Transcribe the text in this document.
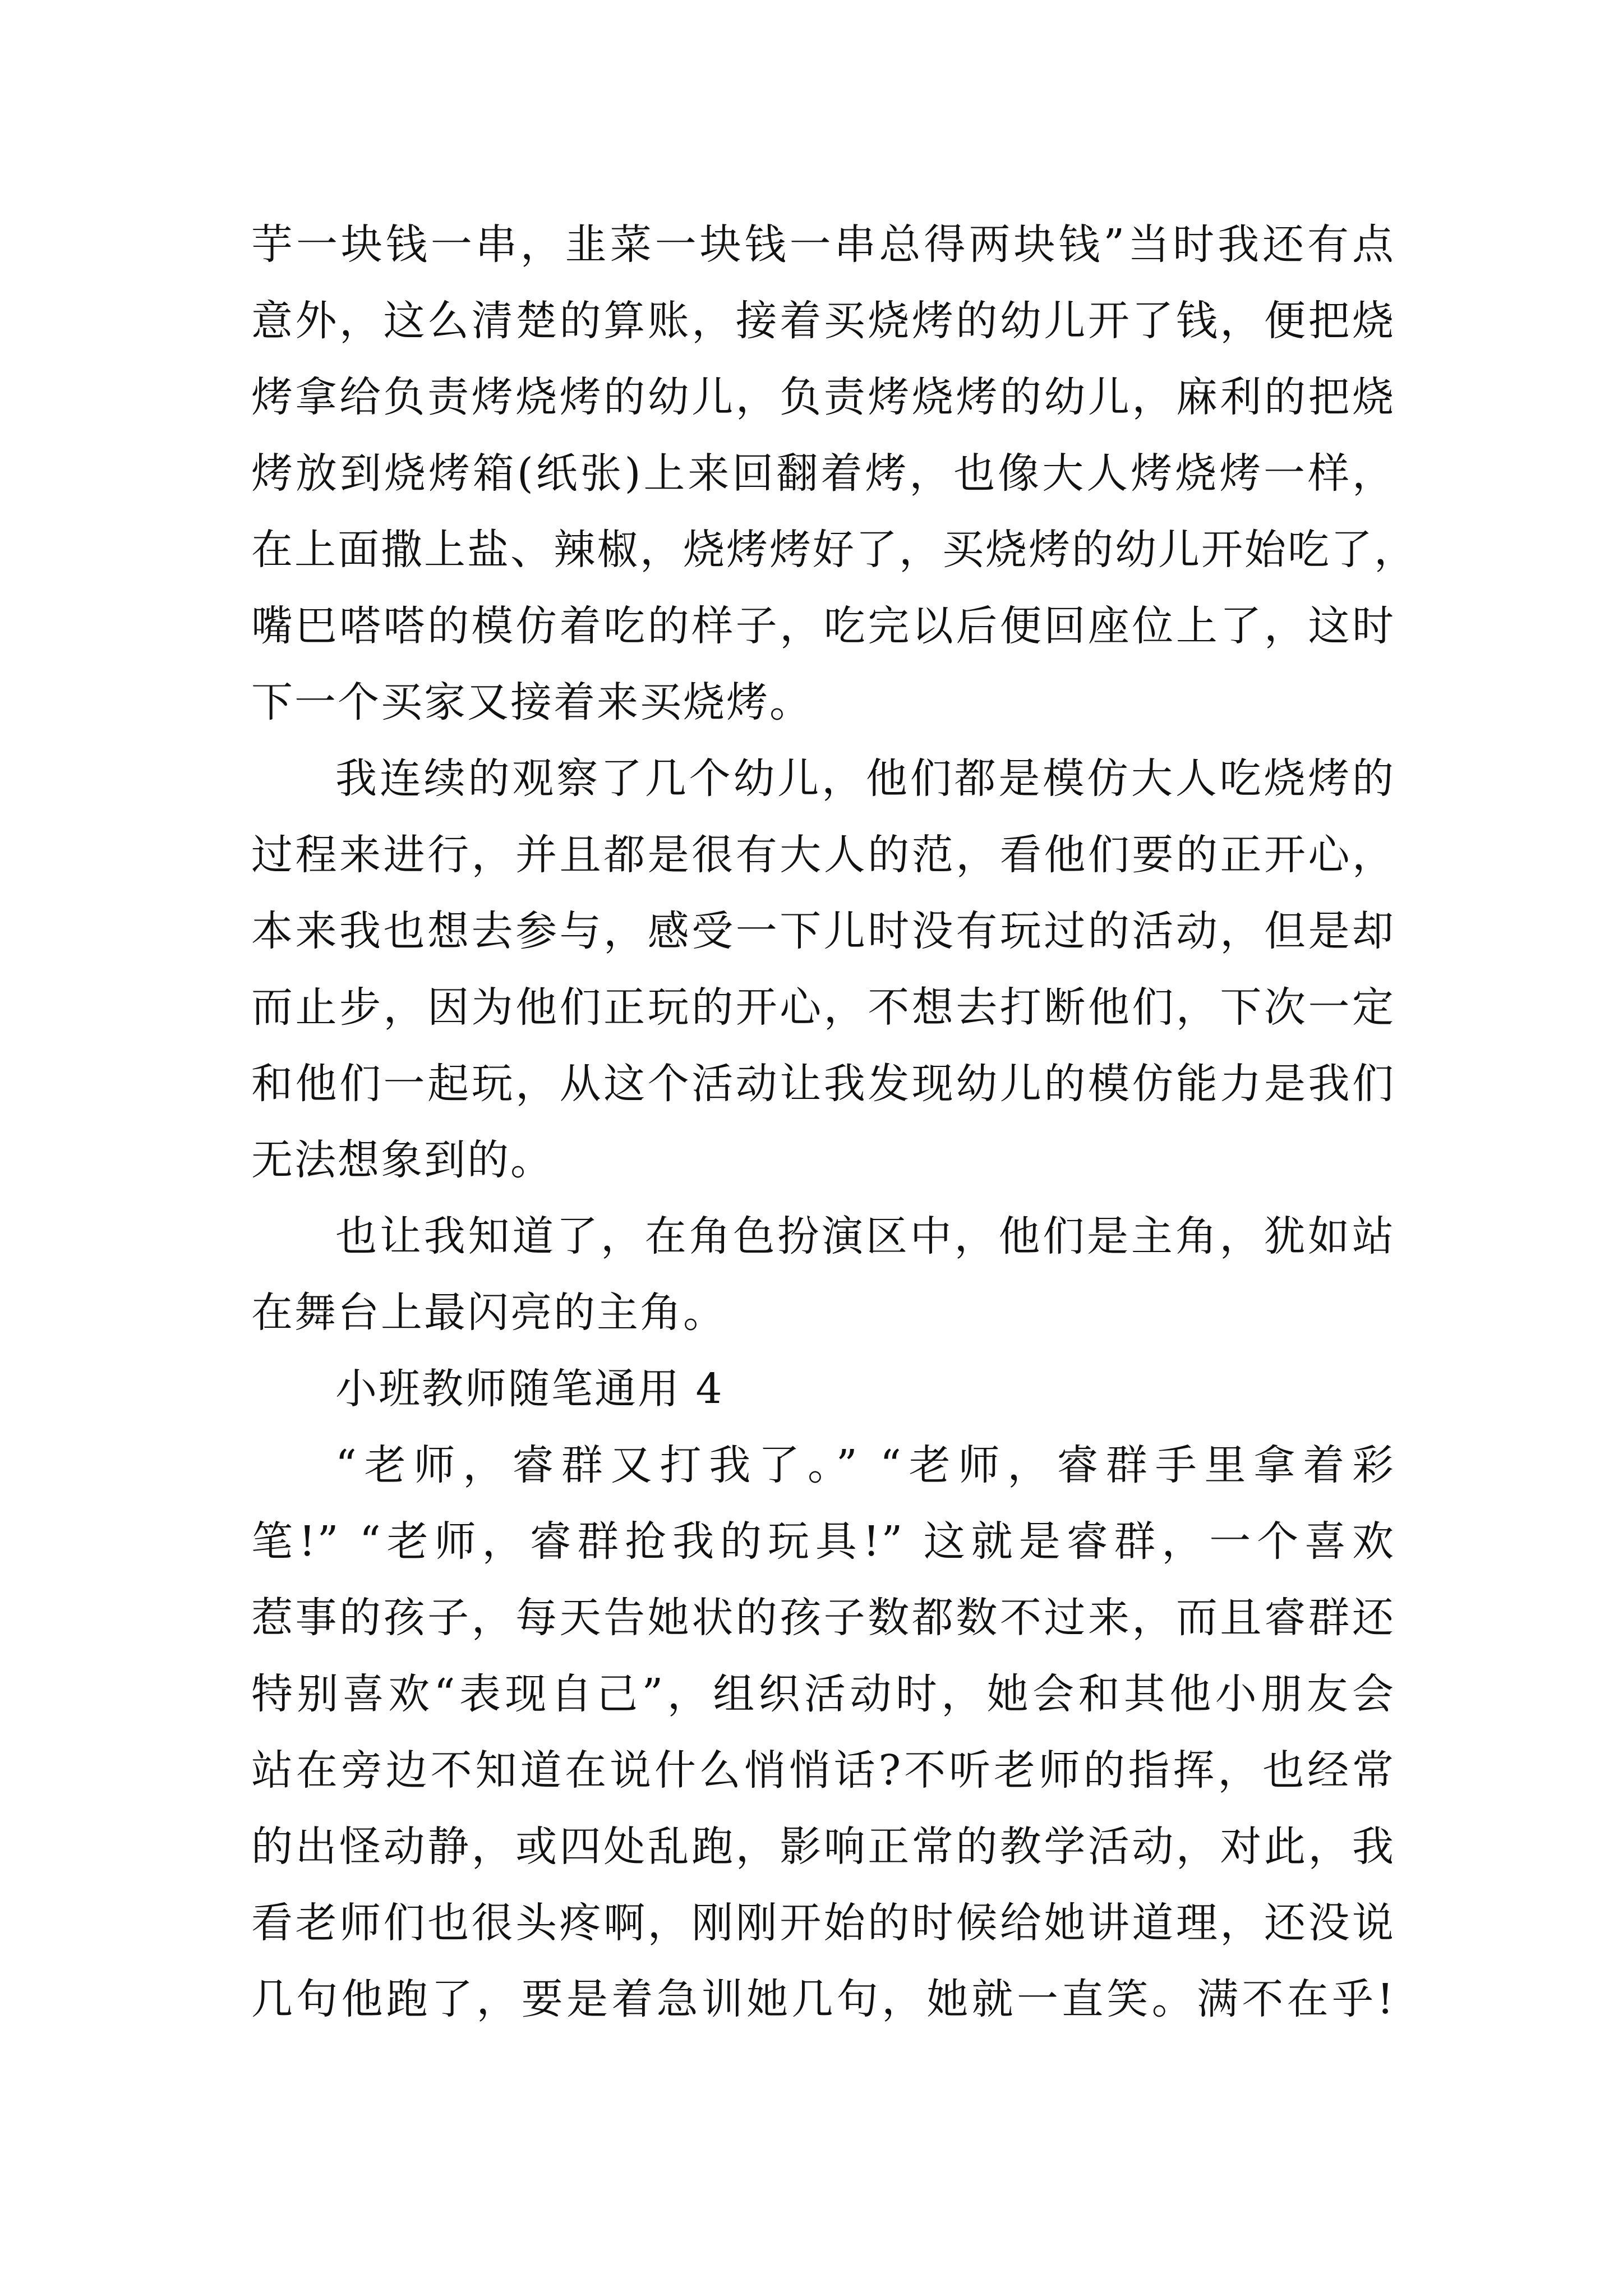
芋一块钱一串，韭菜一块钱一串总得两块钱”当时我还有点
意外，这么清楚的算账，接着买烧烤的幼儿开了钱，便把烧
烤拿给负责烤烧烤的幼儿，负责烤烧烤的幼儿，麻利的把烧
烤放到烧烤箱(纸张)上来回翻着烤，也像大人烤烧烤一样，
在上面撒上盐、辣椒，烧烤烤好了，买烧烤的幼儿开始吃了，
嘴巴嗒嗒的模仿着吃的样子，吃完以后便回座位上了，这时
下一个买家又接着来买烧烤。
我连续的观察了几个幼儿，他们都是模仿大人吃烧烤的
过程来进行，并且都是很有大人的范，看他们要的正开心，
本来我也想去参与，感受一下儿时没有玩过的活动，但是却
而止步，因为他们正玩的开心，不想去打断他们，下次一定
和他们一起玩，从这个活动让我发现幼儿的模仿能力是我们
无法想象到的。
也让我知道了，在角色扮演区中，他们是主角，犹如站
在舞台上最闪亮的主角。
小班教师随笔通用 4
“老师，睿群又打我了。” “老师，睿群手里拿着彩
笔!” “老师，睿群抢我的玩具!” 这就是睿群，一个喜欢
惹事的孩子，每天告她状的孩子数都数不过来，而且睿群还
特别喜欢“表现自己”，组织活动时，她会和其他小朋友会
站在旁边不知道在说什么悄悄话?不听老师的指挥，也经常
的出怪动静，或四处乱跑，影响正常的教学活动，对此，我
看老师们也很头疼啊，刚刚开始的时候给她讲道理，还没说
几句他跑了，要是着急训她几句，她就一直笑。满不在乎!
